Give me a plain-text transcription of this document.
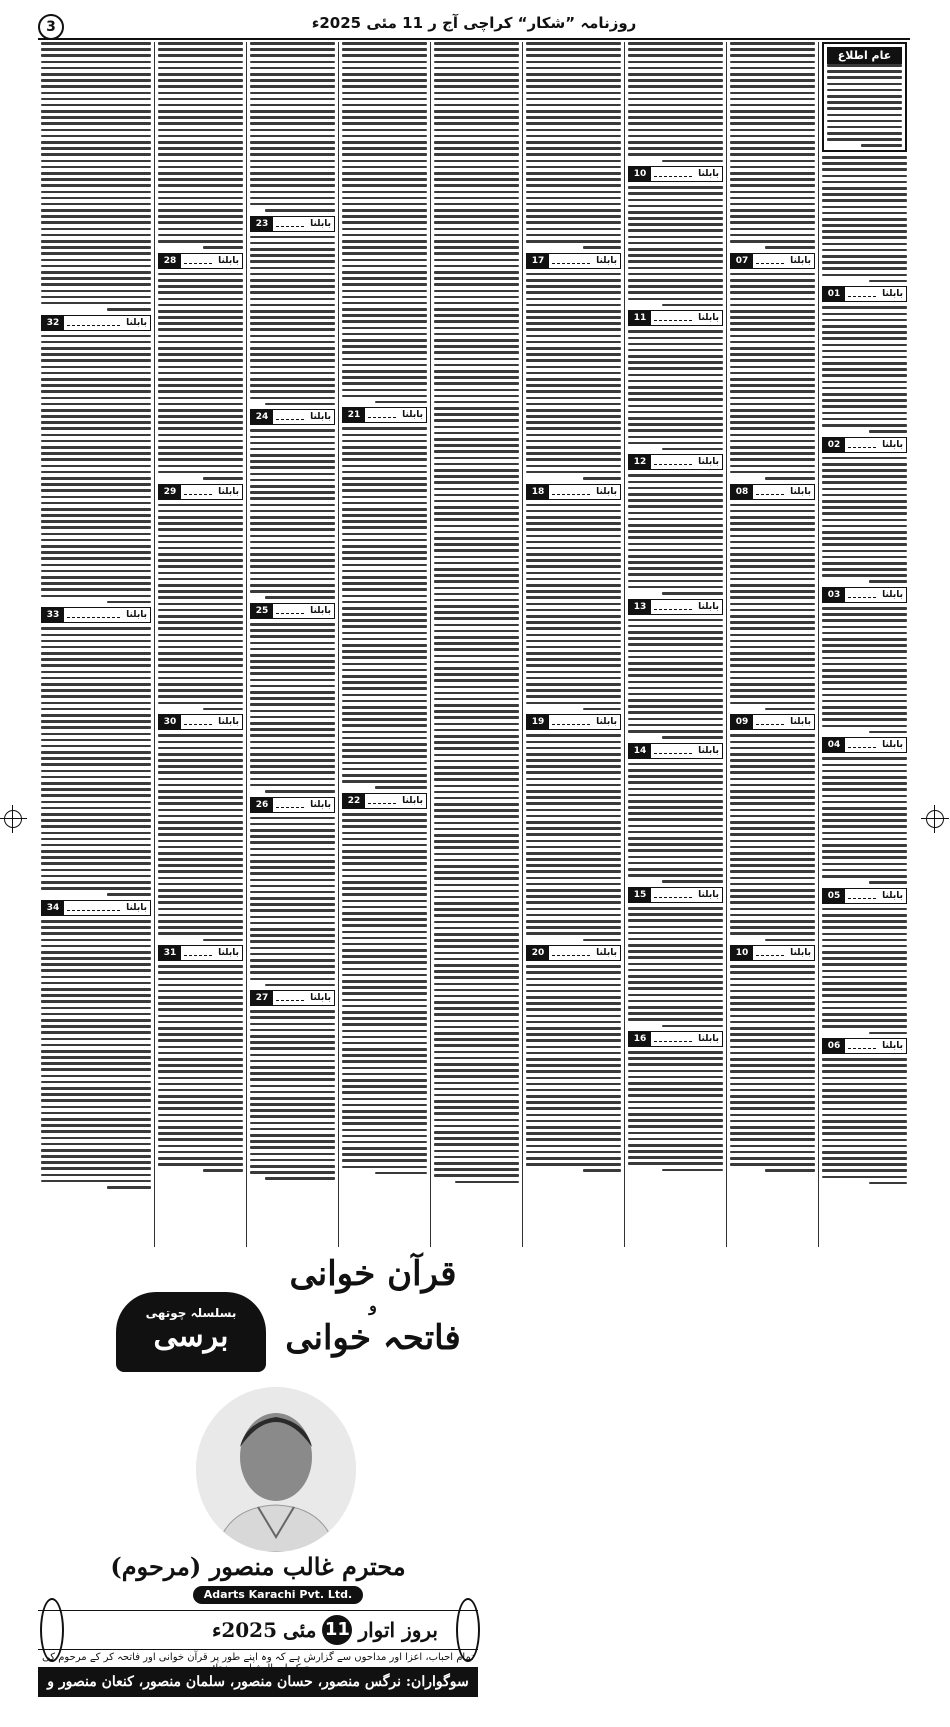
3	روزنامہ ”شکار“ کراچی آج ر 11 مئی 2025ء
عام اطلاع
01	بابلنا
02	بابلنا
03	بابلنا
04	بابلنا
05	بابلنا
06	بابلنا
07	بابلنا
08	بابلنا
09	بابلنا
10	بابلنا
10	بابلنا
11	بابلنا
12	بابلنا
13	بابلنا
14	بابلنا
15	بابلنا
16	بابلنا
17	بابلنا
18	بابلنا
19	بابلنا
20	بابلنا
21	بابلنا
22	بابلنا
23	بابلنا
24	بابلنا
25	بابلنا
26	بابلنا
27	بابلنا
28	بابلنا
29	بابلنا
30	بابلنا
31	بابلنا
32	بابلنا
33	بابلنا
34	بابلنا
قرآن خوانی
و
فاتحہ خوانی
بسلسلہ چوتھی
برسی
محترم غالب منصور (مرحوم)
Adarts Karachi Pvt. Ltd.
بروز اتوار
11
مئی
2025ء
تمام احباب، اعزا اور مداحوں سے گزارش ہے کہ وہ اپنے طور پر قرآن خوانی اور فاتحہ کر کے مرحوم کی
سوگواران: نرگس منصور، حسان منصور، سلمان منصور، کنعان منصور و اہلِ خانہ
